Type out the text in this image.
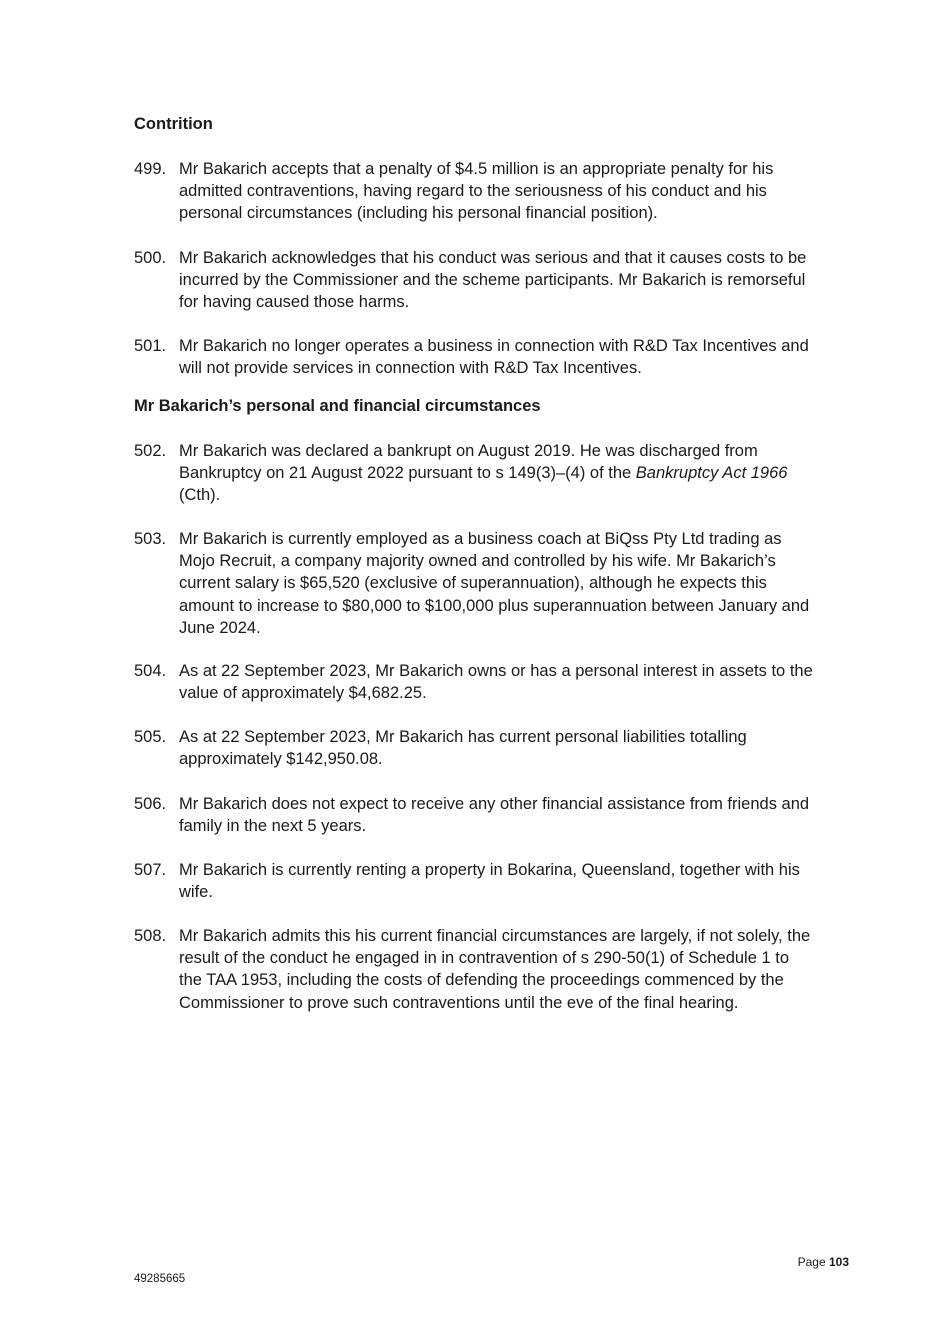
Contrition
499. Mr Bakarich accepts that a penalty of $4.5 million is an appropriate penalty for his
admitted contraventions, having regard to the seriousness of his conduct and his
personal circumstances (including his personal financial position).
500. Mr Bakarich acknowledges that his conduct was serious and that it causes costs to be
incurred by the Commissioner and the scheme participants. Mr Bakarich is remorseful
for having caused those harms.
501. Mr Bakarich no longer operates a business in connection with R&D Tax Incentives and
will not provide services in connection with R&D Tax Incentives.
Mr Bakarich’s personal and financial circumstances
502. Mr Bakarich was declared a bankrupt on August 2019. He was discharged from
Bankruptcy on 21 August 2022 pursuant to s 149(3)–(4) of the Bankruptcy Act 1966
(Cth).
503. Mr Bakarich is currently employed as a business coach at BiQss Pty Ltd trading as
Mojo Recruit, a company majority owned and controlled by his wife. Mr Bakarich’s
current salary is $65,520 (exclusive of superannuation), although he expects this
amount to increase to $80,000 to $100,000 plus superannuation between January and
June 2024.
504. As at 22 September 2023, Mr Bakarich owns or has a personal interest in assets to the
value of approximately $4,682.25.
505. As at 22 September 2023, Mr Bakarich has current personal liabilities totalling
approximately $142,950.08.
506. Mr Bakarich does not expect to receive any other financial assistance from friends and
family in the next 5 years.
507. Mr Bakarich is currently renting a property in Bokarina, Queensland, together with his
wife.
508. Mr Bakarich admits this his current financial circumstances are largely, if not solely, the
result of the conduct he engaged in in contravention of s 290-50(1) of Schedule 1 to
the TAA 1953, including the costs of defending the proceedings commenced by the
Commissioner to prove such contraventions until the eve of the final hearing.
Page 103
49285665
